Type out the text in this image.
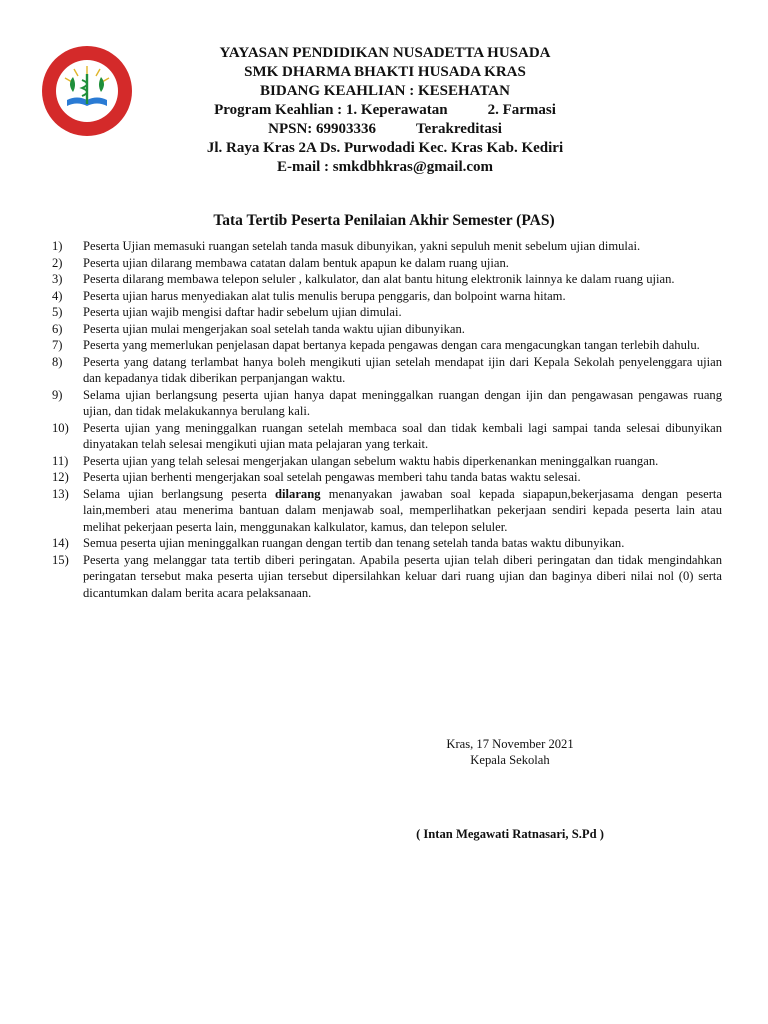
KRAS
YAYASAN PENDIDIKAN NUSADETTA HUSADA
SMK DHARMA BHAKTI HUSADA KRAS
BIDANG KEAHLIAN : KESEHATAN
Program Keahlian : 1. Keperawatan	2. Farmasi
NPSN: 69903336	Terakreditasi
Jl. Raya Kras 2A Ds. Purwodadi Kec. Kras Kab. Kediri
E-mail : smkdbhkras@gmail.com
Tata Tertib Peserta Penilaian Akhir Semester (PAS)
1)	Peserta Ujian memasuki ruangan setelah tanda masuk dibunyikan, yakni sepuluh menit sebelum ujian dimulai.
2)	Peserta ujian dilarang membawa catatan dalam bentuk apapun ke dalam ruang ujian.
3)	Peserta dilarang membawa telepon seluler , kalkulator, dan alat bantu hitung elektronik lainnya ke dalam ruang ujian.
4)	Peserta ujian harus menyediakan alat tulis menulis berupa penggaris, dan bolpoint warna hitam.
5)	Peserta ujian wajib mengisi daftar hadir sebelum ujian dimulai.
6)	Peserta ujian mulai mengerjakan soal setelah tanda waktu ujian dibunyikan.
7)	Peserta yang memerlukan penjelasan dapat bertanya kepada pengawas dengan cara mengacungkan tangan terlebih dahulu.
8)	Peserta yang datang terlambat hanya boleh mengikuti ujian setelah mendapat ijin dari Kepala Sekolah penyelenggara ujian dan kepadanya tidak diberikan perpanjangan waktu.
9)	Selama ujian berlangsung peserta ujian hanya dapat meninggalkan ruangan dengan ijin dan pengawasan pengawas ruang ujian, dan tidak melakukannya berulang kali.
10)	Peserta ujian yang meninggalkan ruangan setelah membaca soal dan tidak kembali lagi sampai tanda selesai dibunyikan dinyatakan telah selesai mengikuti ujian mata pelajaran yang terkait.
11)	Peserta ujian yang telah selesai mengerjakan ulangan sebelum waktu habis diperkenankan meninggalkan ruangan.
12)	Peserta ujian berhenti mengerjakan soal setelah pengawas memberi tahu tanda batas waktu selesai.
13)	Selama ujian berlangsung peserta dilarang menanyakan jawaban soal kepada siapapun,bekerjasama dengan peserta lain,memberi atau menerima bantuan dalam menjawab soal, memperlihatkan pekerjaan sendiri kepada peserta lain atau melihat pekerjaan peserta lain, menggunakan kalkulator, kamus, dan telepon seluler.
14)	Semua peserta ujian meninggalkan ruangan dengan tertib dan tenang setelah tanda batas waktu dibunyikan.
15)	Peserta yang melanggar tata tertib diberi peringatan. Apabila peserta ujian telah diberi peringatan dan tidak mengindahkan peringatan tersebut maka peserta ujian tersebut dipersilahkan keluar dari ruang ujian dan baginya diberi nilai nol (0) serta dicantumkan dalam berita acara pelaksanaan.
Kras, 17 November 2021
Kepala Sekolah
( Intan Megawati Ratnasari, S.Pd )
